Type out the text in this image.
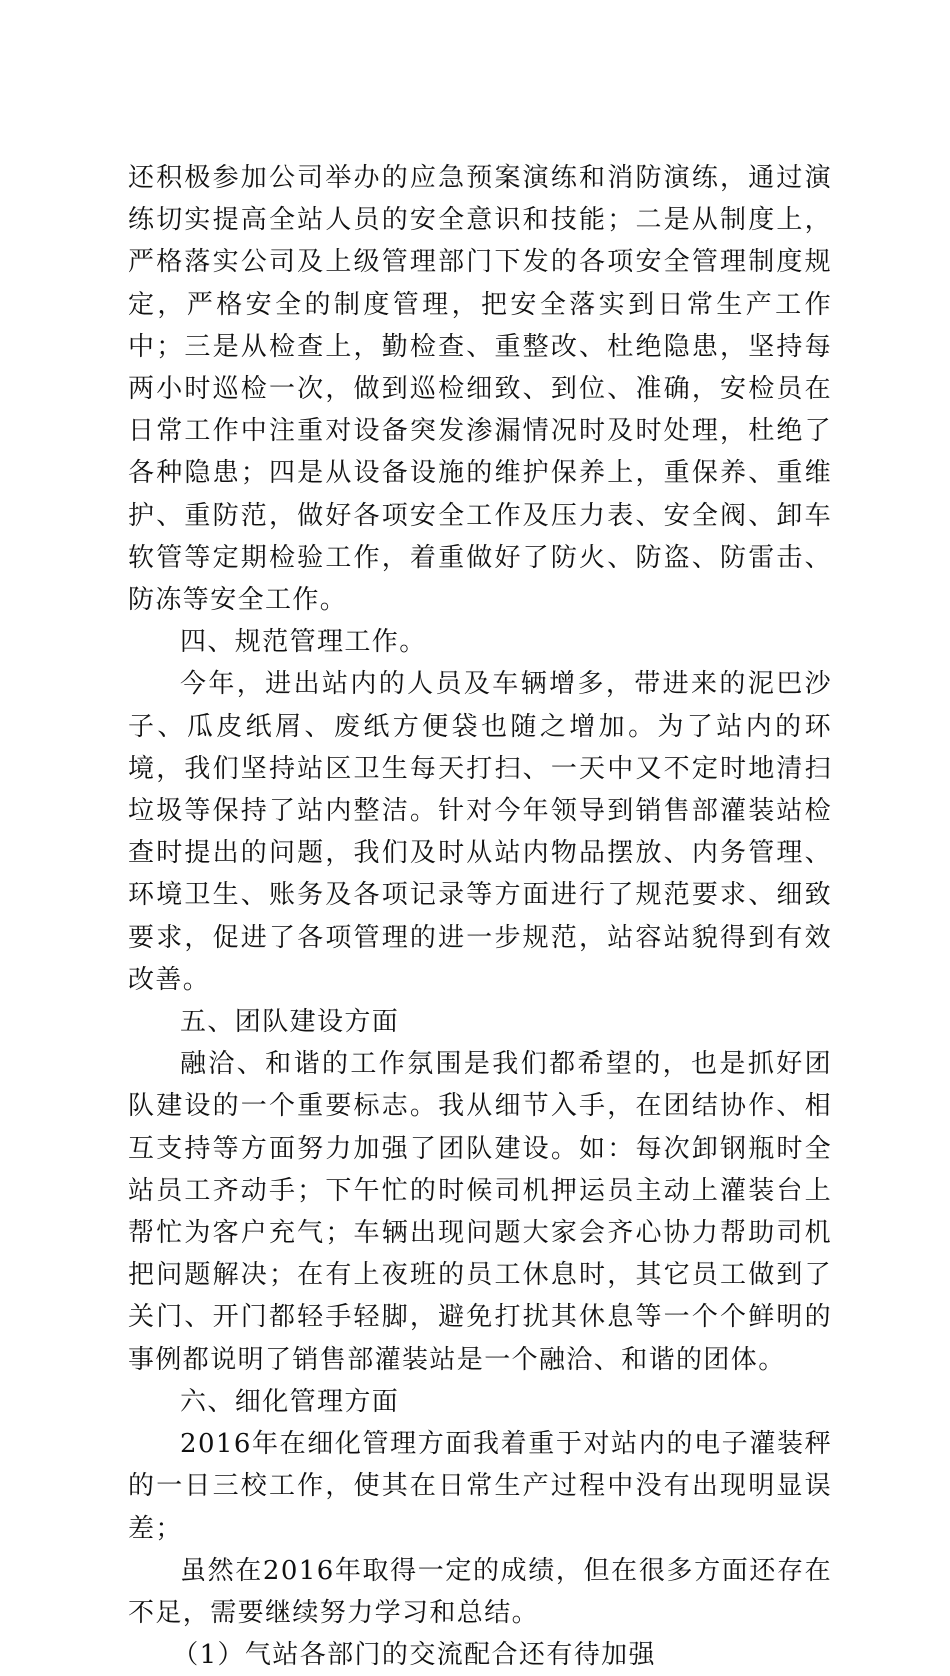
还积极参加公司举办的应急预案演练和消防演练，通过演练切实提高全站人员的安全意识和技能；二是从制度上，严格落实公司及上级管理部门下发的各项安全管理制度规定，严格安全的制度管理，把安全落实到日常生产工作中；三是从检查上，勤检查、重整改、杜绝隐患，坚持每两小时巡检一次，做到巡检细致、到位、准确，安检员在日常工作中注重对设备突发渗漏情况时及时处理，杜绝了各种隐患；四是从设备设施的维护保养上，重保养、重维护、重防范，做好各项安全工作及压力表、安全阀、卸车软管等定期检验工作，着重做好了防火、防盗、防雷击、防冻等安全工作。

四、规范管理工作。

今年，进出站内的人员及车辆增多，带进来的泥巴沙子、瓜皮纸屑、废纸方便袋也随之增加。为了站内的环境，我们坚持站区卫生每天打扫、一天中又不定时地清扫垃圾等保持了站内整洁。针对今年领导到销售部灌装站检查时提出的问题，我们及时从站内物品摆放、内务管理、环境卫生、账务及各项记录等方面进行了规范要求、细致要求，促进了各项管理的进一步规范，站容站貌得到有效改善。

五、团队建设方面

融洽、和谐的工作氛围是我们都希望的，也是抓好团队建设的一个重要标志。我从细节入手，在团结协作、相互支持等方面努力加强了团队建设。如：每次卸钢瓶时全站员工齐动手；下午忙的时候司机押运员主动上灌装台上帮忙为客户充气；车辆出现问题大家会齐心协力帮助司机把问题解决；在有上夜班的员工休息时，其它员工做到了关门、开门都轻手轻脚，避免打扰其休息等一个个鲜明的事例都说明了销售部灌装站是一个融洽、和谐的团体。

六、细化管理方面

2016年在细化管理方面我着重于对站内的电子灌装秤的一日三校工作，使其在日常生产过程中没有出现明显误差；

虽然在2016年取得一定的成绩，但在很多方面还存在不足，需要继续努力学习和总结。

（1）气站各部门的交流配合还有待加强
